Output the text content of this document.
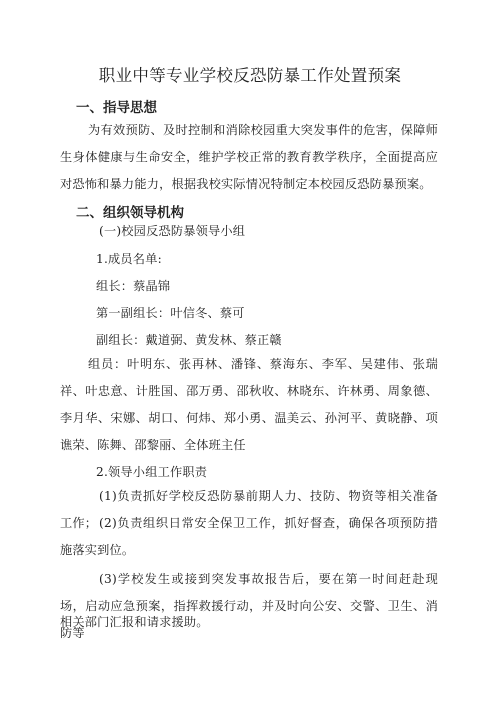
职业中等专业学校反恐防暴工作处置预案
一、指导思想
为有效预防、及时控制和消除校园重大突发事件的危害，保障师生身体健康与生命安全，维护学校正常的教育教学秩序，全面提高应对恐怖和暴力能力，根据我校实际情况特制定本校园反恐防暴预案。
二、组织领导机构
(一)校园反恐防暴领导小组
1.成员名单:
组长：蔡晶锦
第一副组长：叶信冬、蔡可
副组长：戴道弼、黄发林、蔡正赣
组员：叶明东、张再林、潘锋、蔡海东、李军、吴建伟、张瑞祥、叶忠意、计胜国、邵万勇、邵秋收、林晓东、许林勇、周象德、李月华、宋娜、胡口、何炜、郑小勇、温美云、孙河平、黄晓静、项谯荣、陈舞、邵黎丽、全体班主任
2.领导小组工作职责
(1)负责抓好学校反恐防暴前期人力、技防、物资等相关准备工作； (2)负责组织日常安全保卫工作，抓好督查，确保各项预防措施落实到位。
(3)学校发生或接到突发事故报告后，要在第一时间赶赴现场，启动应急预案，指挥救援行动，并及时向公安、交警、卫生、消防等
相关部门汇报和请求援助。
